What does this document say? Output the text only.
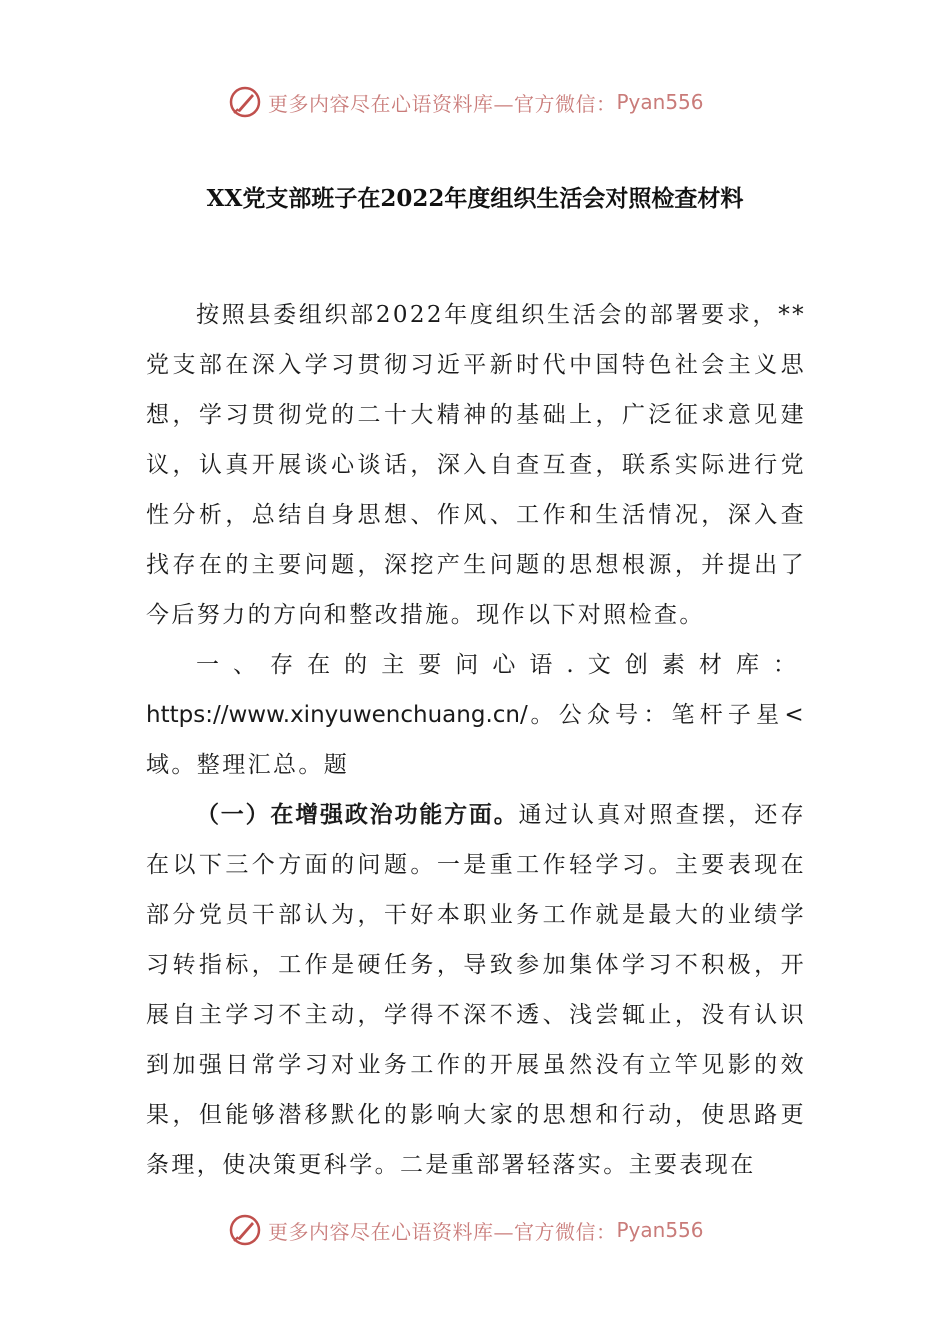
更多内容尽在心语资料库—官方微信： Pyan556
XX党支部班子在2022年度组织生活会对照检查材料

按照县委组织部2022年度组织生活会的部署要求，**党支部在深入学习贯彻习近平新时代中国特色社会主义思想，学习贯彻党的二十大精神的基础上，广泛征求意见建议，认真开展谈心谈话，深入自查互查，联系实际进行党性分析，总结自身思想、作风、工作和生活情况，深入查找存在的主要问题，深挖产生问题的思想根源，并提出了今后努力的方向和整改措施。现作以下对照检查。

一、存在的主要问心语.文创素材库：https://www.xinyuwenchuang.cn/。公众号：笔杆子星<域。整理汇总。题

（一）在增强政治功能方面。通过认真对照查摆，还存在以下三个方面的问题。一是重工作轻学习。主要表现在部分党员干部认为，干好本职业务工作就是最大的业绩学习转指标，工作是硬任务，导致参加集体学习不积极，开展自主学习不主动，学得不深不透、浅尝辄止，没有认识到加强日常学习对业务工作的开展虽然没有立竿见影的效果，但能够潜移默化的影响大家的思想和行动，使思路更条理，使决策更科学。二是重部署轻落实。主要表现在

更多内容尽在心语资料库—官方微信： Pyan556
